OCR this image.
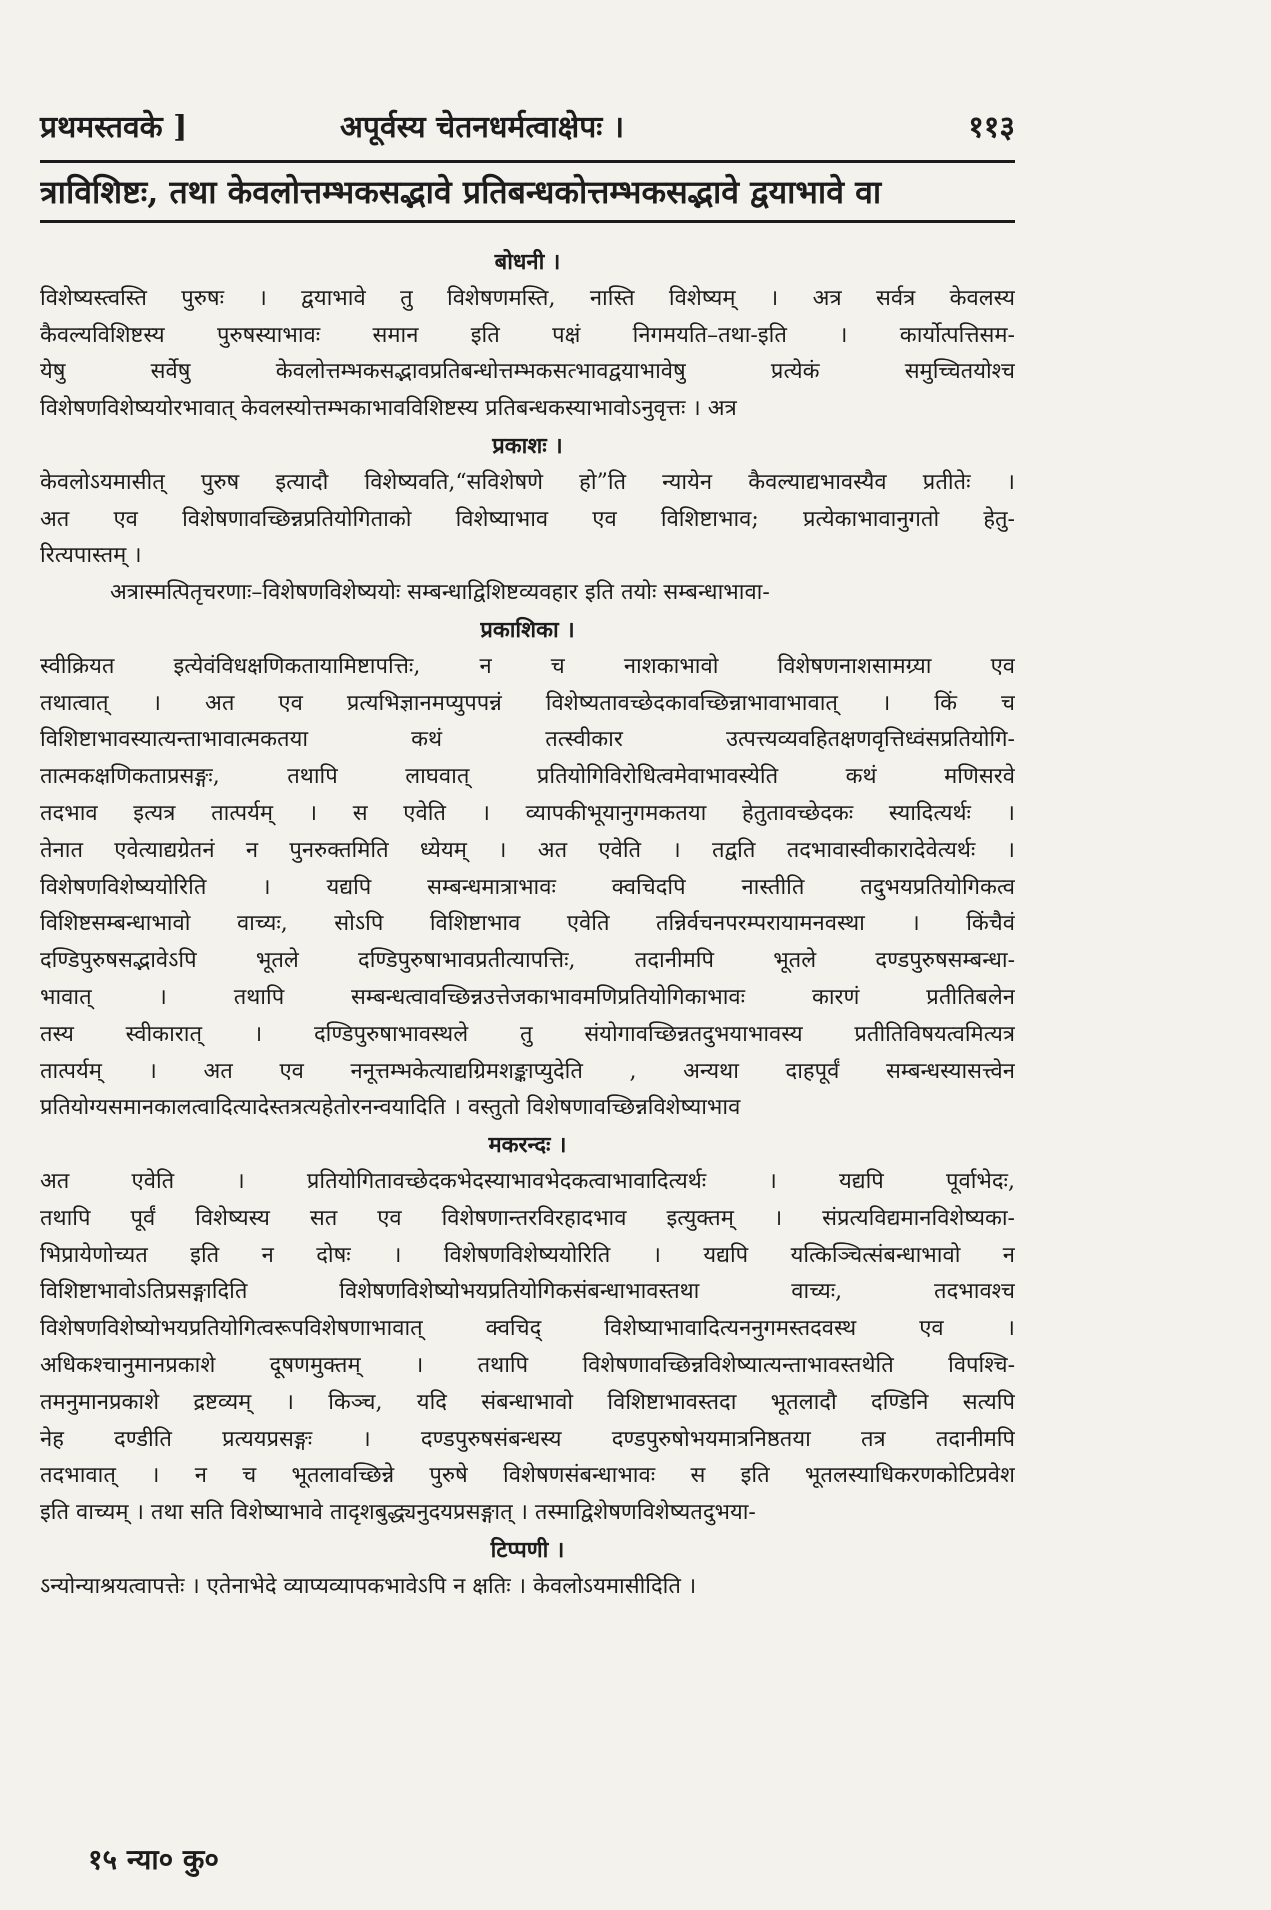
प्रथमस्तवके ]	अपूर्वस्य चेतनधर्मत्वाक्षेपः ।	११३
त्राविशिष्टः, तथा केवलोत्तम्भकसद्भावे प्रतिबन्धकोत्तम्भकसद्भावे द्वयाभावे वा
बोधनी ।
विशेष्यस्त्वस्ति पुरुषः । द्वयाभावे तु विशेषणमस्ति, नास्ति विशेष्यम् । अत्र सर्वत्र केवलस्य
कैवल्यविशिष्टस्य पुरुषस्याभावः समान इति पक्षं निगमयति–तथा-इति । कार्योत्पत्तिसम-
येषु सर्वेषु केवलोत्तम्भकसद्भावप्रतिबन्धोत्तम्भकसत्भावद्वयाभावेषु प्रत्येकं समुच्चितयोश्च
विशेषणविशेष्ययोरभावात् केवलस्योत्तम्भकाभावविशिष्टस्य प्रतिबन्धकस्याभावोऽनुवृत्तः । अत्र
प्रकाशः ।
केवलोऽयमासीत् पुरुष इत्यादौ विशेष्यवति,“सविशेषणे हो”ति न्यायेन कैवल्याद्यभावस्यैव प्रतीतेः ।
अत एव विशेषणावच्छिन्नप्रतियोगिताको विशेष्याभाव एव विशिष्टाभाव; प्रत्येकाभावानुगतो हेतु-
रित्यपास्तम् ।
अत्रास्मत्पितृचरणाः–विशेषणविशेष्ययोः सम्बन्धाद्विशिष्टव्यवहार इति तयोः सम्बन्धाभावा-
प्रकाशिका ।
स्वीक्रियत इत्येवंविधक्षणिकतायामिष्टापत्तिः, न च नाशकाभावो विशेषणनाशसामग्र्या एव
तथात्वात् । अत एव प्रत्यभिज्ञानमप्युपपन्नं विशेष्यतावच्छेदकावच्छिन्नाभावाभावात् । किं च
विशिष्टाभावस्यात्यन्ताभावात्मकतया कथं तत्स्वीकार उत्पत्त्यव्यवहितक्षणवृत्तिध्वंसप्रतियोगि-
तात्मकक्षणिकताप्रसङ्गः, तथापि लाघवात् प्रतियोगिविरोधित्वमेवाभावस्येति कथं मणिसरवे
तदभाव इत्यत्र तात्पर्यम् । स एवेति । व्यापकीभूयानुगमकतया हेतुतावच्छेदकः स्यादित्यर्थः ।
तेनात एवेत्याद्यग्रेतनं न पुनरुक्तमिति ध्येयम् । अत एवेति । तद्वति तदभावास्वीकारादेवेत्यर्थः ।
विशेषणविशेष्ययोरिति । यद्यपि सम्बन्धमात्राभावः क्वचिदपि नास्तीति तदुभयप्रतियोगिकत्व
विशिष्टसम्बन्धाभावो वाच्यः, सोऽपि विशिष्टाभाव एवेति तन्निर्वचनपरम्परायामनवस्था । किंचैवं
दण्डिपुरुषसद्भावेऽपि भूतले दण्डिपुरुषाभावप्रतीत्यापत्तिः, तदानीमपि भूतले दण्डपुरुषसम्बन्धा-
भावात् । तथापि सम्बन्धत्वावच्छिन्नउत्तेजकाभावमणिप्रतियोगिकाभावः कारणं प्रतीतिबलेन
तस्य स्वीकारात् । दण्डिपुरुषाभावस्थले तु संयोगावच्छिन्नतदुभयाभावस्य प्रतीतिविषयत्वमित्यत्र
तात्पर्यम् । अत एव ननूत्तम्भकेत्याद्यग्रिमशङ्काप्युदेति , अन्यथा दाहपूर्वं सम्बन्धस्यासत्त्वेन
प्रतियोग्यसमानकालत्वादित्यादेस्तत्रत्यहेतोरनन्वयादिति । वस्तुतो विशेषणावच्छिन्नविशेष्याभाव
मकरन्दः ।
अत एवेति । प्रतियोगितावच्छेदकभेदस्याभावभेदकत्वाभावादित्यर्थः । यद्यपि पूर्वाभेदः,
तथापि पूर्वं विशेष्यस्य सत एव विशेषणान्तरविरहादभाव इत्युक्तम् । संप्रत्यविद्यमानविशेष्यका-
भिप्रायेणोच्यत इति न दोषः । विशेषणविशेष्ययोरिति । यद्यपि यत्किञ्चित्संबन्धाभावो न
विशिष्टाभावोऽतिप्रसङ्गादिति विशेषणविशेष्योभयप्रतियोगिकसंबन्धाभावस्तथा वाच्यः, तदभावश्च
विशेषणविशेष्योभयप्रतियोगित्वरूपविशेषणाभावात् क्वचिद् विशेष्याभावादित्यननुगमस्तदवस्थ एव ।
अधिकश्चानुमानप्रकाशे दूषणमुक्तम् । तथापि विशेषणावच्छिन्नविशेष्यात्यन्ताभावस्तथेति विपश्चि-
तमनुमानप्रकाशे द्रष्टव्यम् । किञ्च, यदि संबन्धाभावो विशिष्टाभावस्तदा भूतलादौ दण्डिनि सत्यपि
नेह दण्डीति प्रत्ययप्रसङ्गः । दण्डपुरुषसंबन्धस्य दण्डपुरुषोभयमात्रनिष्ठतया तत्र तदानीमपि
तदभावात् । न च भूतलावच्छिन्ने पुरुषे विशेषणसंबन्धाभावः स इति भूतलस्याधिकरणकोटिप्रवेश
इति वाच्यम् । तथा सति विशेष्याभावे तादृशबुद्ध्यनुदयप्रसङ्गात् । तस्माद्विशेषणविशेष्यतदुभया-
टिप्पणी ।
ऽन्योन्याश्रयत्वापत्तेः । एतेनाभेदे व्याप्यव्यापकभावेऽपि न क्षतिः । केवलोऽयमासीदिति ।
१५ न्या० कु०
